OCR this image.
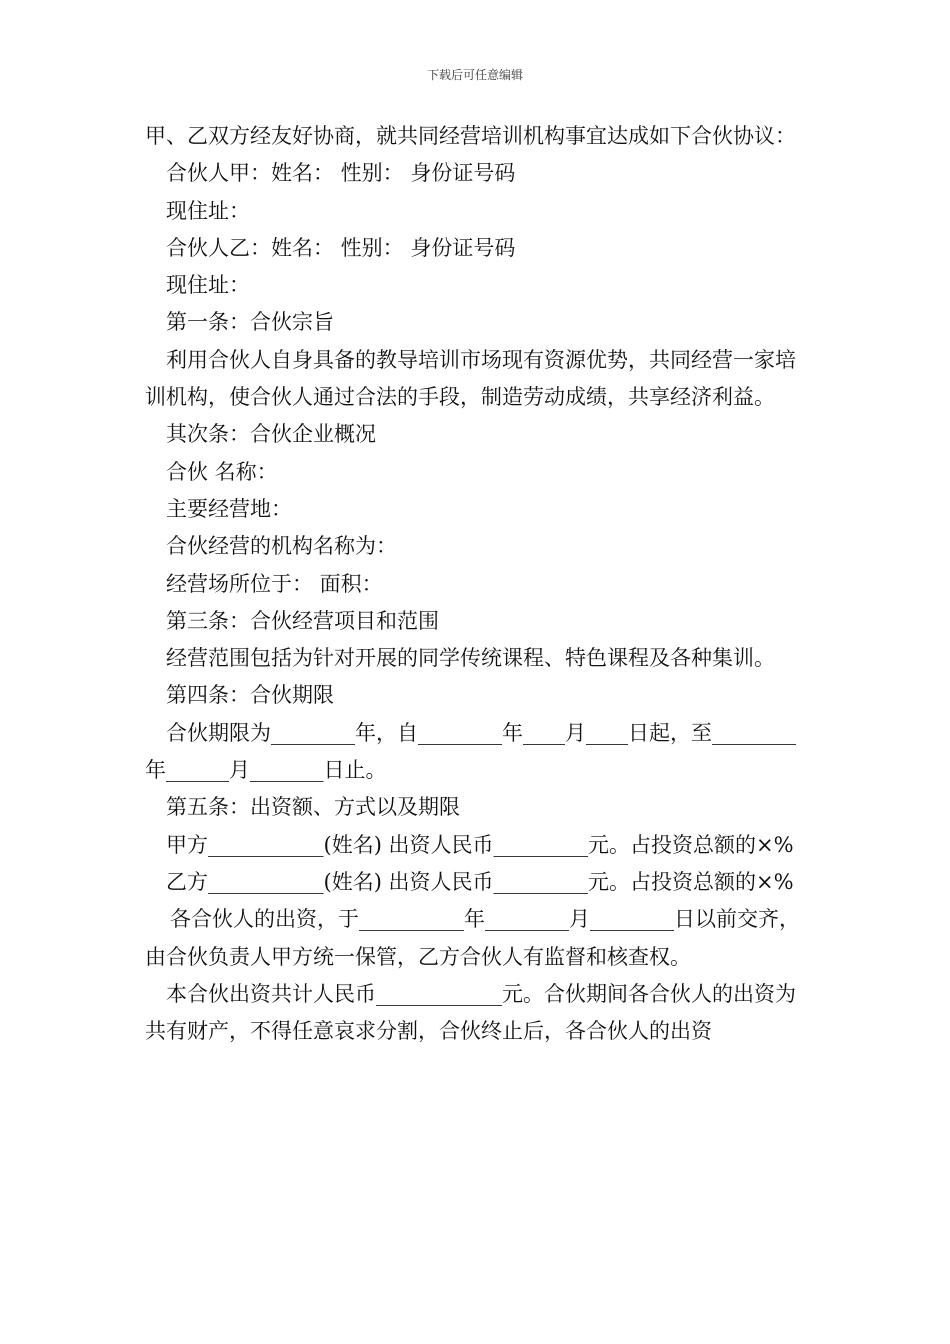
下载后可任意编辑

甲、乙双方经友好协商，就共同经营培训机构事宜达成如下合伙协议：

合伙人甲：姓名： 性别： 身份证号码

现住址：

合伙人乙：姓名： 性别： 身份证号码

现住址：

第一条：合伙宗旨

利用合伙人自身具备的教导培训市场现有资源优势，共同经营一家培训机构，使合伙人通过合法的手段，制造劳动成绩，共享经济利益。

其次条：合伙企业概况

合伙 名称：

主要经营地：

合伙经营的机构名称为：

经营场所位于： 面积：

第三条：合伙经营项目和范围

经营范围包括为针对开展的同学传统课程、特色课程及各种集训。

第四条：合伙期限

合伙期限为________年，自________年____月____日起，至________年______月_______日止。

第五条：出资额、方式以及期限

甲方___________(姓名) 出资人民币_________元。占投资总额的×%

乙方___________(姓名) 出资人民币_________元。占投资总额的×%

各合伙人的出资，于__________年________月________日以前交齐，由合伙负责人甲方统一保管，乙方合伙人有监督和核查权。

本合伙出资共计人民币____________元。合伙期间各合伙人的出资为共有财产，不得任意哀求分割，合伙终止后，各合伙人的出资
